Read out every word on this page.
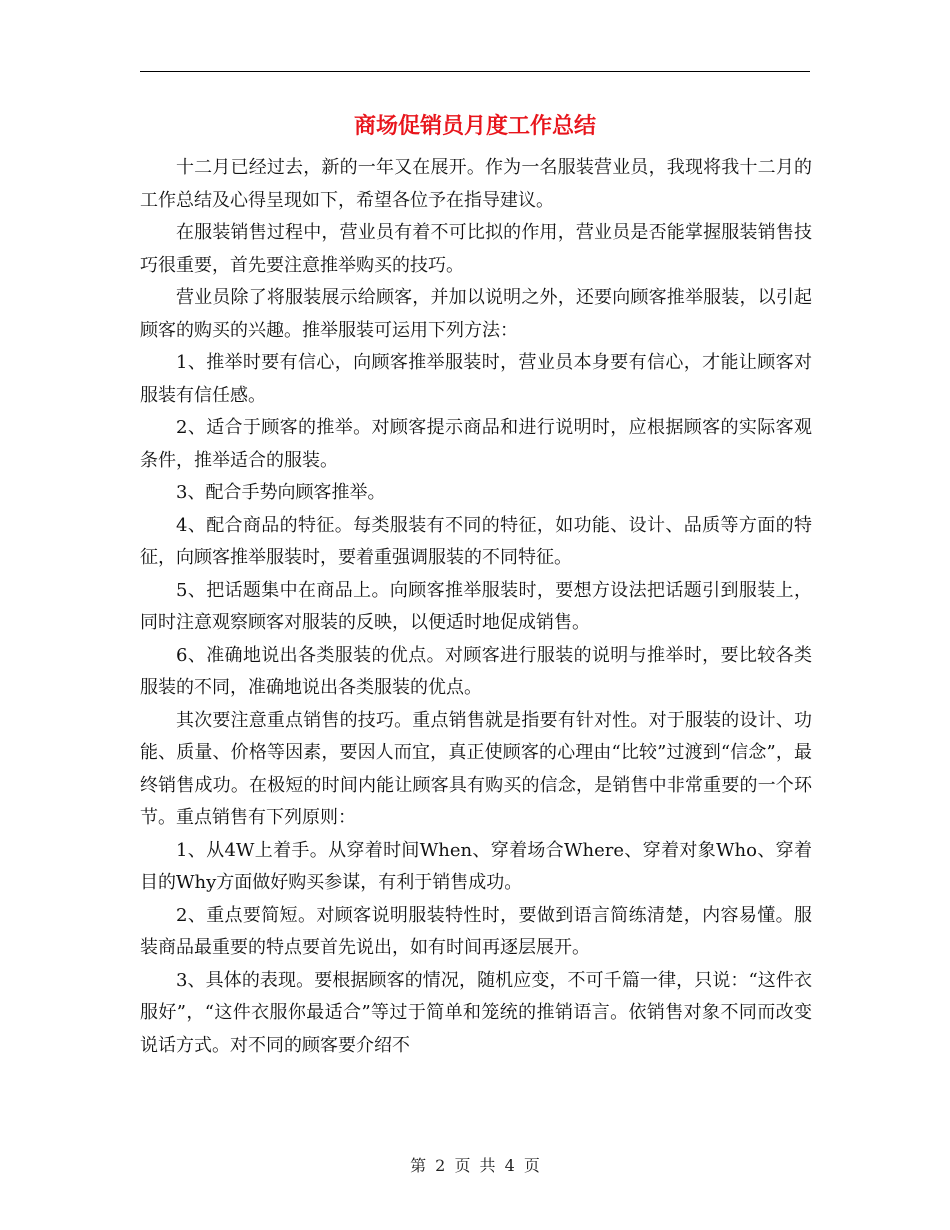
商场促销员月度工作总结

十二月已经过去，新的一年又在展开。作为一名服装营业员，我现将我十二月的工作总结及心得呈现如下，希望各位予在指导建议。

在服装销售过程中，营业员有着不可比拟的作用，营业员是否能掌握服装销售技巧很重要，首先要注意推举购买的技巧。

营业员除了将服装展示给顾客，并加以说明之外，还要向顾客推举服装，以引起顾客的购买的兴趣。推举服装可运用下列方法：

1、推举时要有信心，向顾客推举服装时，营业员本身要有信心，才能让顾客对服装有信任感。

2、适合于顾客的推举。对顾客提示商品和进行说明时，应根据顾客的实际客观条件，推举适合的服装。

3、配合手势向顾客推举。

4、配合商品的特征。每类服装有不同的特征，如功能、设计、品质等方面的特征，向顾客推举服装时，要着重强调服装的不同特征。

5、把话题集中在商品上。向顾客推举服装时，要想方设法把话题引到服装上，同时注意观察顾客对服装的反映，以便适时地促成销售。

6、准确地说出各类服装的优点。对顾客进行服装的说明与推举时，要比较各类服装的不同，准确地说出各类服装的优点。

其次要注意重点销售的技巧。重点销售就是指要有针对性。对于服装的设计、功能、质量、价格等因素，要因人而宜，真正使顾客的心理由“比较”过渡到“信念”，最终销售成功。在极短的时间内能让顾客具有购买的信念，是销售中非常重要的一个环节。重点销售有下列原则：

1、从4W上着手。从穿着时间When、穿着场合Where、穿着对象Who、穿着目的Why方面做好购买参谋，有利于销售成功。

2、重点要简短。对顾客说明服装特性时，要做到语言简练清楚，内容易懂。服装商品最重要的特点要首先说出，如有时间再逐层展开。

3、具体的表现。要根据顾客的情况，随机应变，不可千篇一律，只说：“这件衣服好”，“这件衣服你最适合”等过于简单和笼统的推销语言。依销售对象不同而改变说话方式。对不同的顾客要介绍不

第 2 页 共 4 页
